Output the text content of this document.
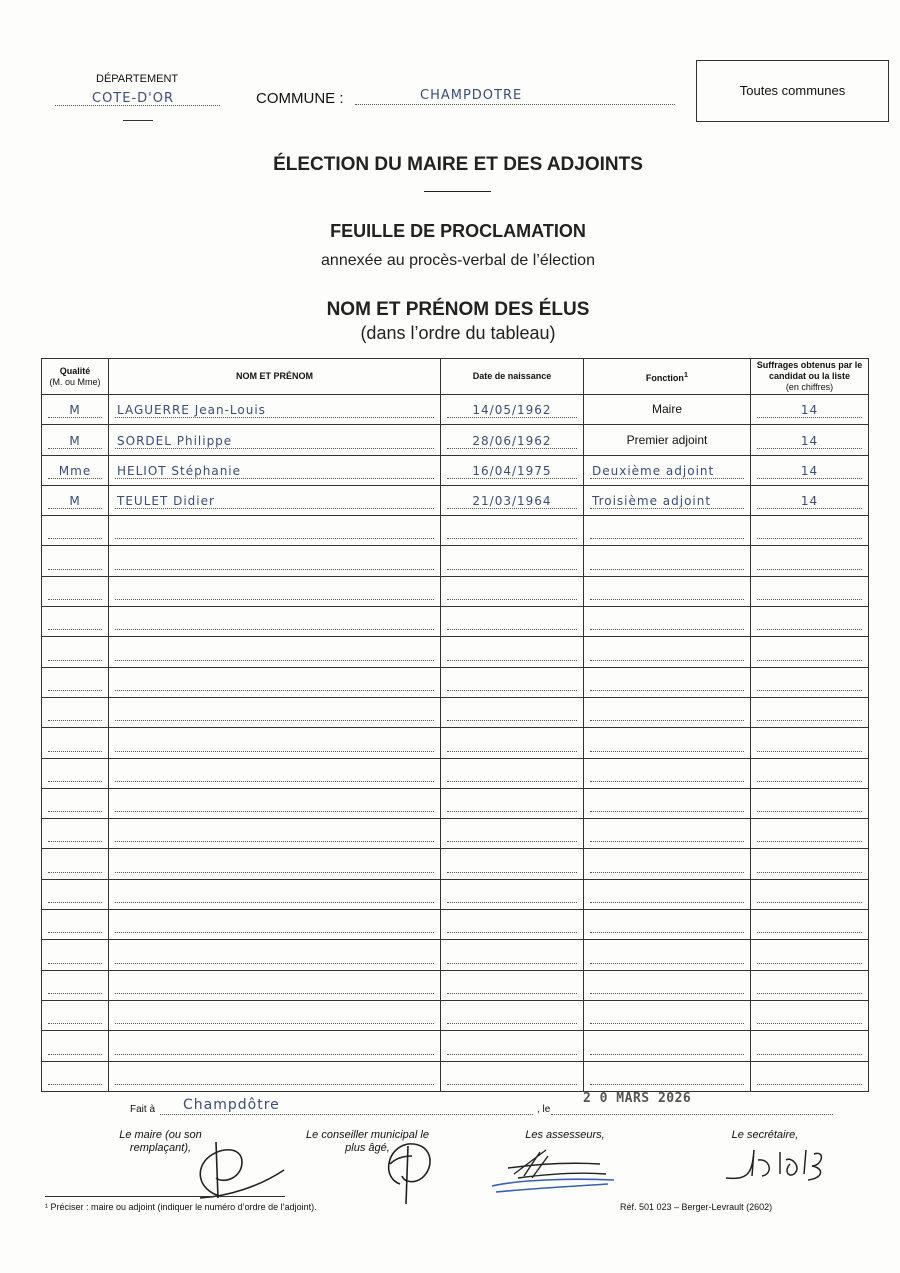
DÉPARTEMENT
COTE-D'OR	COMMUNE :	CHAMPDOTRE	Toutes communes
ÉLECTION DU MAIRE ET DES ADJOINTS
FEUILLE DE PROCLAMATION
annexée au procès-verbal de l’élection
NOM ET PRÉNOM DES ÉLUS
(dans l’ordre du tableau)
Qualité
(M. ou Mme)	NOM ET PRÉNOM	Date de naissance	Fonction$^1$	Suffrages obtenus par le candidat ou la liste
(en chiffres)

M	LAGUERRE Jean-Louis	14/05/1962	Maire	14

M	SORDEL Philippe	28/06/1962	Premier adjoint	14

Mme	HELIOT Stéphanie	16/04/1975	Deuxième adjoint	14

M	TEULET Didier	21/03/1964	Troisième adjoint	14

Fait à Champdôtre	, le
2 0 MARS 2026
Le maire (ou son remplaçant),
Le conseiller municipal le plus âgé,
Les assesseurs,	Le secrétaire,
¹ Préciser : maire ou adjoint (indiquer le numéro d’ordre de l’adjoint).	Réf. 501 023 – Berger-Levrault (2602)
